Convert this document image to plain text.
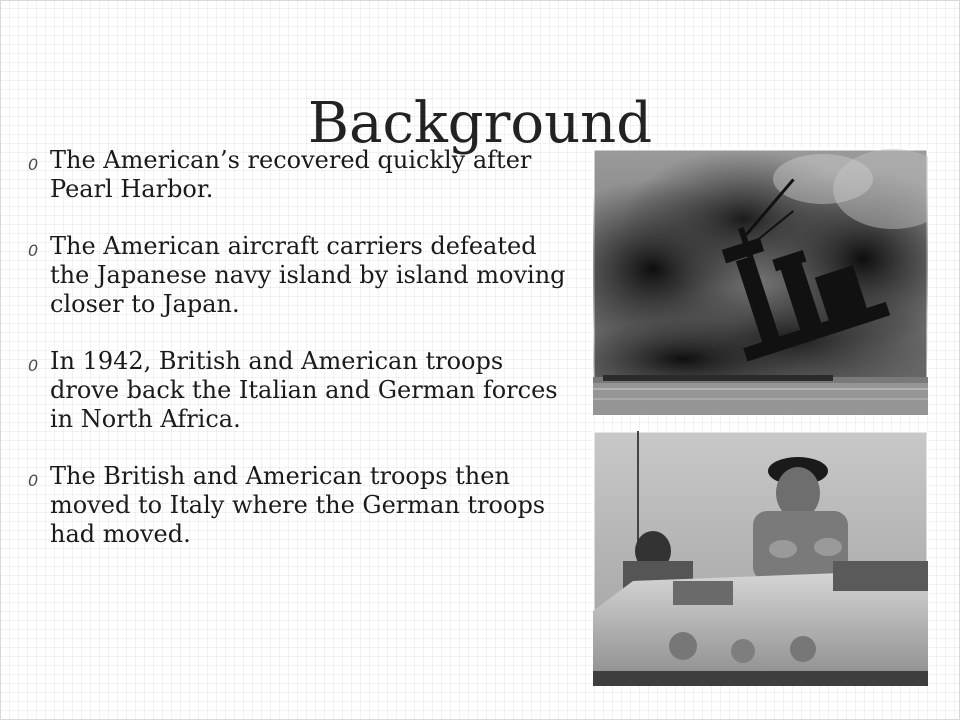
Background
0 The American’s recovered quickly after Pearl Harbor.
0 The American aircraft carriers defeated the Japanese navy island by island moving closer to Japan.
0 In 1942, British and American troops drove back the Italian and German forces in North Africa.
0 The British and American troops then moved to Italy where the German troops had moved.
